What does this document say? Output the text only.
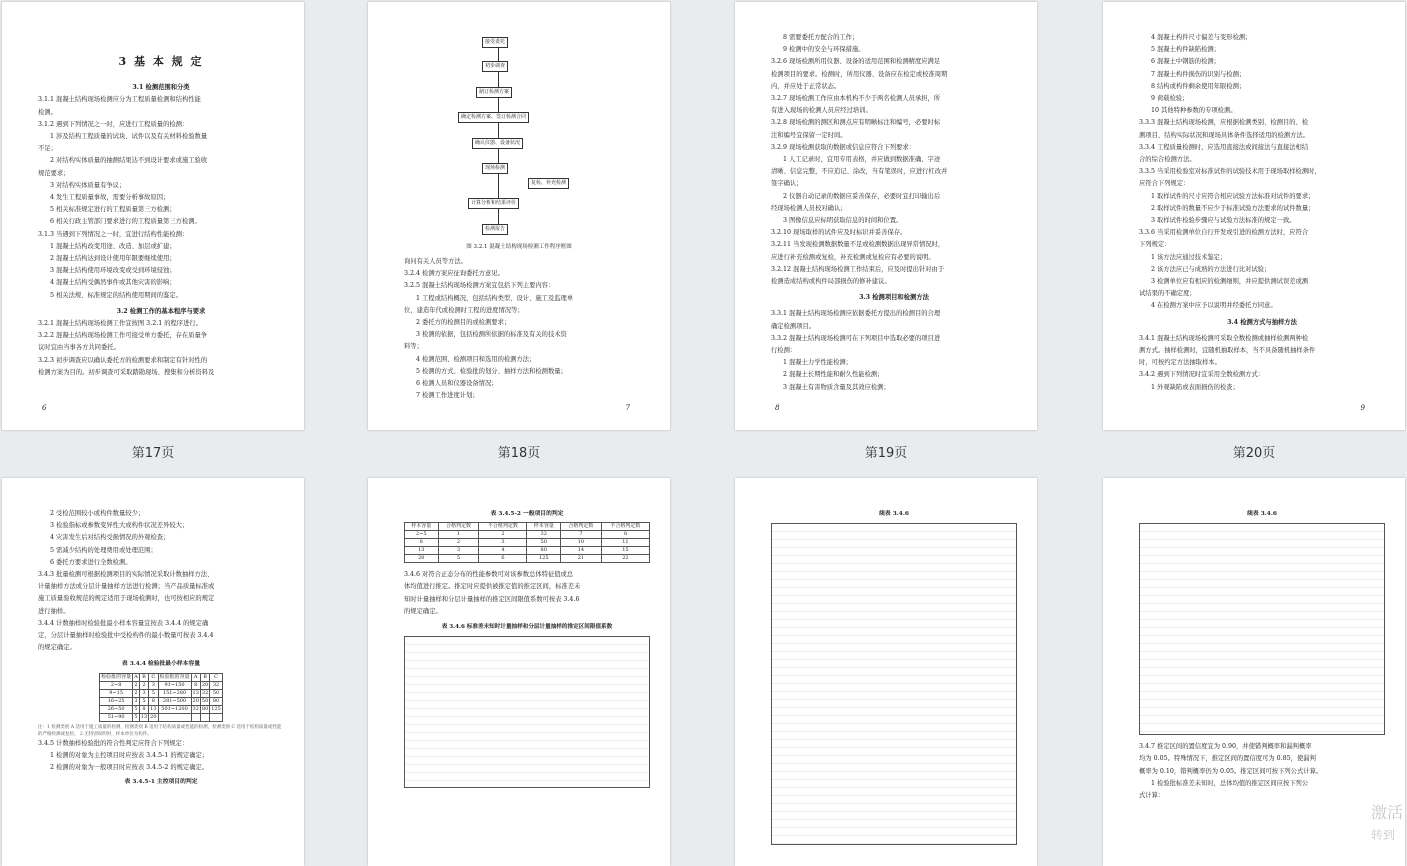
3 基 本 规 定
3.1 检测范围和分类
3.1.1 混凝土结构现场检测应分为工程质量检测和结构性能
检测。
3.1.2 遇到下列情况之一时，应进行工程质量的检测：
1 涉及结构工程质量的试块、试件以及有关材料检验数量
不足；
2 对结构实体质量的抽测结果达不到设计要求或施工验收
规范要求；
3 对结构实体质量有争议；
4 发生工程质量事故，需要分析事故原因；
5 相关标准规定进行的工程质量第三方检测；
6 相关行政主管部门要求进行的工程质量第三方检测。
3.1.3 当遇到下列情况之一时，宜进行结构性能检测：
1 混凝土结构改变用途、改造、加层或扩建；
2 混凝土结构达到设计使用年限要继续使用；
3 混凝土结构使用环境改变或受到环境侵蚀；
4 混凝土结构受偶然事件或其他灾害的影响；
5 相关法规、标准规定的结构使用期间的鉴定。
3.2 检测工作的基本程序与要求
3.2.1 混凝土结构现场检测工作宜按图 3.2.1 的程序进行。
3.2.2 混凝土结构现场检测工作可接受单方委托，存在质量争
议时宜由当事各方共同委托。
3.2.3 初步调查应以确认委托方的检测要求和制定有针对性的
检测方案为目的。初步调查可采取踏勘现场、搜集和分析资料及
6
第17页
接受委托
初步调查
制订检测方案
确定检测方案、签订检测合同
确认仪器、设备状况
现场检测
复检、补充检测
计算分析和结果评价
检测报告
图 3.2.1 混凝土结构现场检测工作程序框图
询问有关人员等方法。
3.2.4 检测方案应征询委托方意见。
3.2.5 混凝土结构现场检测方案宜包括下列主要内容：
1 工程或结构概况，包括结构类型、设计、施工及监理单
位，建造年代或检测时工程的进度情况等；
2 委托方的检测目的或检测要求；
3 检测的依据，包括检测所依据的标准及有关的技术资
料等；
4 检测范围、检测项目和选用的检测方法；
5 检测的方式、检验批的划分、抽样方法和检测数量；
6 检测人员和仪器设备情况；
7 检测工作进度计划；
7
第18页
8 需要委托方配合的工作；
9 检测中的安全与环保措施。
3.2.6 现场检测所用仪器、设备的适用范围和检测精度应满足
检测项目的要求。检测时，所用仪器、设备应在检定或校准周期
内，并应处于正常状态。
3.2.7 现场检测工作应由本机构不少于两名检测人员承担，所
有进入现场的检测人员应经过培训。
3.2.8 现场检测的测区和测点应有明晰标注和编号，必要时标
注和编号宜保留一定时间。
3.2.9 现场检测获取的数据或信息应符合下列要求：
1 人工记录时，宜用专用表格，并应做到数据准确、字迹
清晰、信息完整，不应追记、涂改，当有笔误时，应进行杠改并
签字确认；
2 仪器自动记录的数据应妥善保存，必要时宜打印输出后
经现场检测人员校对确认；
3 图像信息应标明获取信息的时间和位置。
3.2.10 现场取样的试件应及时标识并妥善保存。
3.2.11 当发现检测数据数量不足或检测数据出现异常情况时，
应进行补充检测或复检，补充检测或复检应有必要的说明。
3.2.12 混凝土结构现场检测工作结束后，应及时提出针对由于
检测造成结构或构件局部损伤的修补建议。
3.3 检测项目和检测方法
3.3.1 混凝土结构现场检测应依据委托方提出的检测目的合理
确定检测项目。
3.3.2 混凝土结构现场检测可在下列项目中选取必要的项目进
行检测：
1 混凝土力学性能检测；
2 混凝土长期性能和耐久性能检测；
3 混凝土有害物质含量及其效应检测；
8
第19页
4 混凝土构件尺寸偏差与变形检测；
5 混凝土构件缺陷检测；
6 混凝土中钢筋的检测；
7 混凝土构件损伤的识别与检测；
8 结构或构件剩余使用年限检测；
9 荷载检验；
10 其他特种参数的专项检测。
3.3.3 混凝土结构现场检测，应根据检测类别、检测目的、检
测项目、结构实际状况和现场具体条件选择适用的检测方法。
3.3.4 工程质量检测时，应选用直接法或间接法与直接法相结
合的综合检测方法。
3.3.5 当采用检验室对标准试件的试验技术用于现场取样检测时，
应符合下列规定：
1 取样试件的尺寸应符合相应试验方法标准对试件的要求；
2 取样试件的数量不应少于标准试验方法要求的试件数量；
3 取样试件检验步骤应与试验方法标准的规定一致。
3.3.6 当采用检测单位自行开发或引进的检测方法时，应符合
下列规定：
1 该方法应通过技术鉴定；
2 该方法应已与成熟的方法进行比对试验；
3 检测单位应有相应的检测细则，并应提供测试误差或测
试结果的不确定度；
4 在检测方案中应予以说明并经委托方同意。
3.4 检测方式与抽样方法
3.4.1 混凝土结构现场检测可采取全数检测或抽样检测两种检
测方式。抽样检测时，宜随机抽取样本，当不具备随机抽样条件
时，可按约定方法抽取样本。
3.4.2 遇到下列情况时宜采用全数检测方式：
1 外观缺陷或表面损伤的检查；
9
第20页
2 受检范围较小或构件数量较少；
3 检验指标或参数变异性大或构件状况差异较大；
4 灾害发生后对结构受损情况的外观检查；
5 需减少结构的处理费用或处理范围；
6 委托方要求进行全数检测。
3.4.3 批量检测可根据检测项目的实际情况采取计数抽样方法、
计量抽样方法或分层计量抽样方法进行检测；当产品质量标准或
施工质量验收规范的规定适用于现场检测时，也可按相应的规定
进行抽样。
3.4.4 计数抽样时检验批最小样本容量宜按表 3.4.4 的规定确
定，分层计量抽样时检验批中受检构件的最小数量可按表 3.4.4
的规定确定。
表 3.4.4 检验批最小样本容量
检验批的容量	A	B	C	检验批的容量	A	B	C
2~8	2	2	3	91~150	8	20	32
9~15	2	3	5	151~280	13	32	50
16~25	3	5	8	281~500	20	50	80
26~50	5	8	13	501~1200	32	80	125
51~90	5	13	20				
注：1 检测类别 A 适用于施工质量的检测，检测类别 B 适用于结构质量或性能的检测，检测类别 C 适用于结构质量或性能的严格检测或复检。 2 无特别说明时，样本单位为构件。
3.4.5 计数抽样检验批的符合性判定应符合下列规定：
1 检测的对象为主控项目时应按表 3.4.5-1 的规定确定；
2 检测的对象为一般项目时应按表 3.4.5-2 的规定确定。
表 3.4.5-1 主控项目的判定
表 3.4.5-2 一般项目的判定
样本容量	合格判定数	不合格判定数	样本容量	合格判定数	不合格判定数
2~5	1	2	32	7	8
8	2	3	50	10	11
13	3	4	80	14	15
20	5	6	125	21	22
3.4.6 对符合正态分布的性能参数可对该参数总体特征值或总
体均值进行推定。推定时应提供被推定值的推定区间，标准差未
知时计量抽样和分层计量抽样的推定区间限值系数可按表 3.4.6
的规定确定。
表 3.4.6 标准差未知时计量抽样和分层计量抽样的推定区间限值系数
续表 3.4.6	续表 3.4.6
3.4.7 推定区间的置信度宜为 0.90，并使错判概率和漏判概率
均为 0.05。特殊情况下，推定区间的置信度可为 0.85，使漏判
概率为 0.10，错判概率仍为 0.05。推定区间可按下列公式计算。
1 检验批标准差未知时，总体均值的推定区间应按下列公
式计算：
激活
转到
